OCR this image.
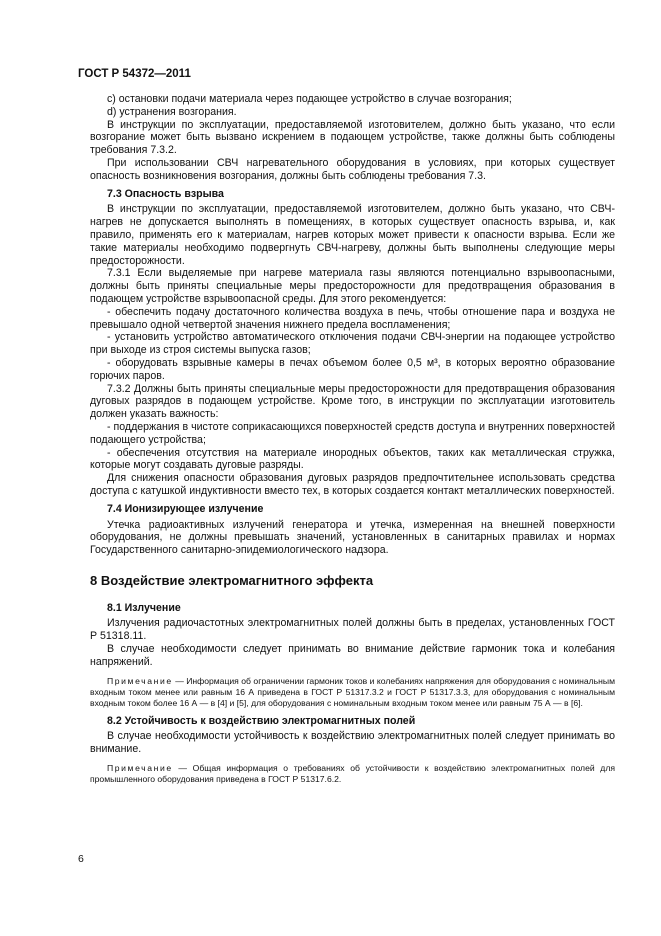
ГОСТ Р 54372—2011

c) остановки подачи материала через подающее устройство в случае возгорания;

d) устранения возгорания.

В инструкции по эксплуатации, предоставляемой изготовителем, должно быть указано, что если возгорание может быть вызвано искрением в подающем устройстве, также должны быть соблюдены требования 7.3.2.

При использовании СВЧ нагревательного оборудования в условиях, при которых существует опасность возникновения возгорания, должны быть соблюдены требования 7.3.

7.3 Опасность взрыва

В инструкции по эксплуатации, предоставляемой изготовителем, должно быть указано, что СВЧ-нагрев не допускается выполнять в помещениях, в которых существует опасность взрыва, и, как правило, применять его к материалам, нагрев которых может привести к опасности взрыва. Если же такие материалы необходимо подвергнуть СВЧ-нагреву, должны быть выполнены следующие меры предосторожности.

7.3.1 Если выделяемые при нагреве материала газы являются потенциально взрывоопасными, должны быть приняты специальные меры предосторожности для предотвращения образования в подающем устройстве взрывоопасной среды. Для этого рекомендуется:

- обеспечить подачу достаточного количества воздуха в печь, чтобы отношение пара и воздуха не превышало одной четвертой значения нижнего предела воспламенения;

- установить устройство автоматического отключения подачи СВЧ-энергии на подающее устройство при выходе из строя системы выпуска газов;

- оборудовать взрывные камеры в печах объемом более 0,5 м³, в которых вероятно образование горючих паров.

7.3.2 Должны быть приняты специальные меры предосторожности для предотвращения образования дуговых разрядов в подающем устройстве. Кроме того, в инструкции по эксплуатации изготовитель должен указать важность:

- поддержания в чистоте соприкасающихся поверхностей средств доступа и внутренних поверхностей подающего устройства;

- обеспечения отсутствия на материале инородных объектов, таких как металлическая стружка, которые могут создавать дуговые разряды.

Для снижения опасности образования дуговых разрядов предпочтительнее использовать средства доступа с катушкой индуктивности вместо тех, в которых создается контакт металлических поверхностей.

7.4 Ионизирующее излучение

Утечка радиоактивных излучений генератора и утечка, измеренная на внешней поверхности оборудования, не должны превышать значений, установленных в санитарных правилах и нормах Государственного санитарно-эпидемиологического надзора.

8 Воздействие электромагнитного эффекта
8.1 Излучение

Излучения радиочастотных электромагнитных полей должны быть в пределах, установленных ГОСТ Р 51318.11.

В случае необходимости следует принимать во внимание действие гармоник тока и колебания напряжений.

Примечание — Информация об ограничении гармоник токов и колебаниях напряжения для оборудования с номинальным входным током менее или равным 16 А приведена в ГОСТ Р 51317.3.2 и ГОСТ Р 51317.3.3, для оборудования с номинальным входным током более 16 А — в [4] и [5], для оборудования с номинальным входным током менее или равным 75 А — в [6].

8.2 Устойчивость к воздействию электромагнитных полей

В случае необходимости устойчивость к воздействию электромагнитных полей следует принимать во внимание.

Примечание — Общая информация о требованиях об устойчивости к воздействию электромагнитных полей для промышленного оборудования приведена в ГОСТ Р 51317.6.2.

6
